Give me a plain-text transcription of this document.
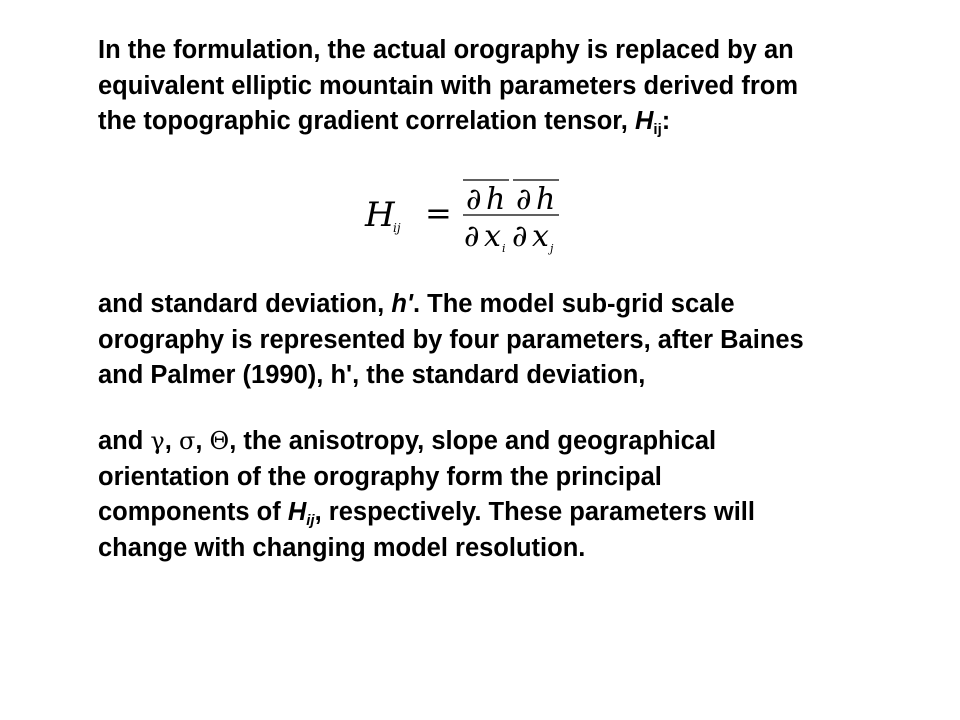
In the formulation, the actual orography is replaced by an
equivalent elliptic mountain with parameters derived from
the topographic gradient correlation tensor, $H_{ij}$:
H
ij = ∂ h ∂ h
∂ x i ∂ x j
and standard deviation, h'. The model sub-grid scale
orography is represented by four parameters, after Baines
and Palmer (1990), h', the standard deviation,
and γ, σ, Θ, the anisotropy, slope and geographical
orientation of the orography form the principal
components of Hij, respectively. These parameters will
change with changing model resolution.
